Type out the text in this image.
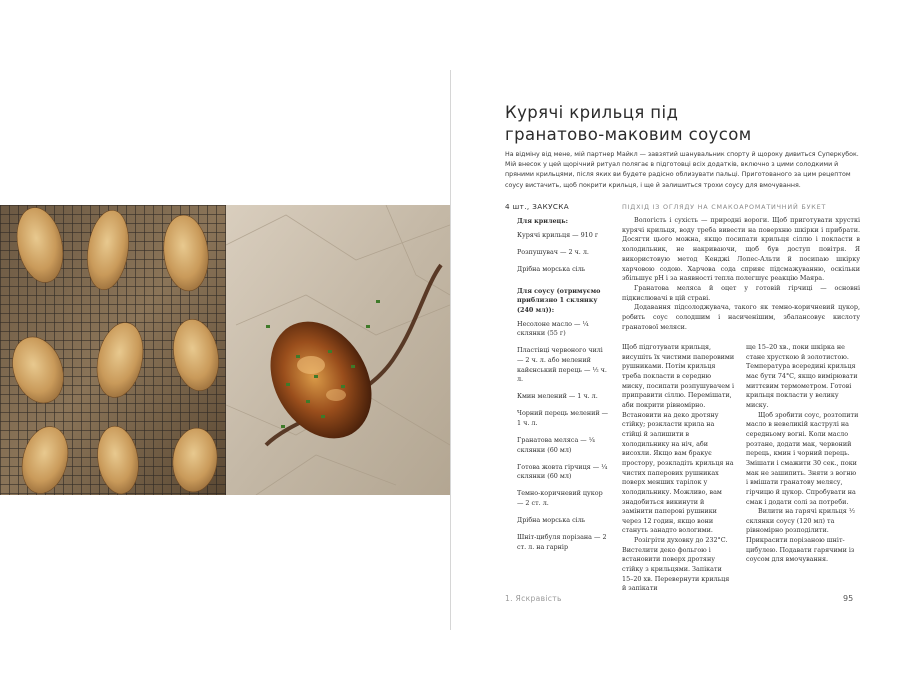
Курячі крильця під
гранатово-маковим соусом
На відміну від мене, мій партнер Майкл — завзятий шанувальник спорту й щороку дивиться Суперкубок. Мій внесок у цей щорічний ритуал полягає в підготовці всіх додатків, включно з цими солодкими й пряними крильцями, після яких ви будете радісно облизувати пальці. Приготованого за цим рецептом соусу вистачить, щоб покрити крильця, і ще й залишиться трохи соусу для вмочування.
4 шт., ЗАКУСКА	ПІДХІД ІЗ ОГЛЯДУ НА СМАКОАРОМАТИЧНИЙ БУКЕТ
Для крилець:
Курячі крильця — 910 г
Розпушувач — 2 ч. л.
Дрібна морська сіль
Для соусу (отримуємо приблизно 1 склянку (240 мл)):
Несолоне масло — ¼ склянки (55 г)
Пластівці червоного чилі — 2 ч. л. або мелений кайєнський перець — ½ ч. л.
Кмин мелений — 1 ч. л.
Чорний перець мелений — 1 ч. л.
Гранатова меляса — ¼ склянки (60 мл)
Готова жовта гірчиця — ¼ склянки (60 мл)
Темно-коричневий цукор — 2 ст. л.
Дрібна морська сіль
Шніт-цибуля порізана — 2 ст. л. на гарнір

Вологість і сухість — природні вороги. Щоб приготувати хрусткі курячі крильця, воду треба вивести на поверхню шкірки і прибрати. Досягти цього можна, якщо посипати крильця сіллю і покласти в холодильник, не накриваючи, щоб був доступ повітря. Я використовую метод Кенджі Лопес-Альти й посипаю шкірку харчовою содою. Харчова сода сприяє підсмажуванню, оскільки збільшує pH і за наявності тепла полегшує реакцію Маяра.

Гранатова меляса й оцет у готовій гірчиці — основні підкислювачі в цій страві.

Додавання підсолоджувача, такого як темно-коричневий цукор, робить соус солодшим і насиченішим, збалансовує кислоту гранатової меляси.

Щоб підготувати крильця, висушіть їх чистими паперовими рушниками. Потім крильця треба покласти в середню миску, посипати розпушувачем і приправити сіллю. Перемішати, аби покрити рівномірно. Встановити на деко дротяну стійку; розкласти крила на стійці й залишити в холодильнику на ніч, аби висохли. Якщо вам бракує простору, розкладіть крильця на чистих паперових рушниках поверх менших тарілок у холодильнику. Можливо, вам знадобиться викинути й замінити паперові рушники через 12 годин, якщо вони стануть занадто вологими.

Розігріти духовку до 232°C. Вистелити деко фольгою і встановити поверх дротяну стійку з крильцями. Запікати 15–20 хв. Перевернути крильця й запікати

ще 15–20 хв., поки шкірка не стане хрусткою й золотистою. Температура всередині крильця має бути 74°C, якщо вимірювати миттєвим термометром. Готові крильця покласти у велику миску.

Щоб зробити соус, розтопити масло в невеликій каструлі на середньому вогні. Коли масло розтане, додати мак, червоний перець, кмин і чорний перець. Змішати і смажити 30 сек., поки мак не зашипить. Зняти з вогню і вмішати гранатову мелясу, гірчицю й цукор. Спробувати на смак і додати солі за потреби.

Вилити на гарячі крильця ½ склянки соусу (120 мл) та рівномірно розподілити. Прикрасити порізаною шніт-цибулею. Подавати гарячими із соусом для вмочування.

1. Яскравість	95
